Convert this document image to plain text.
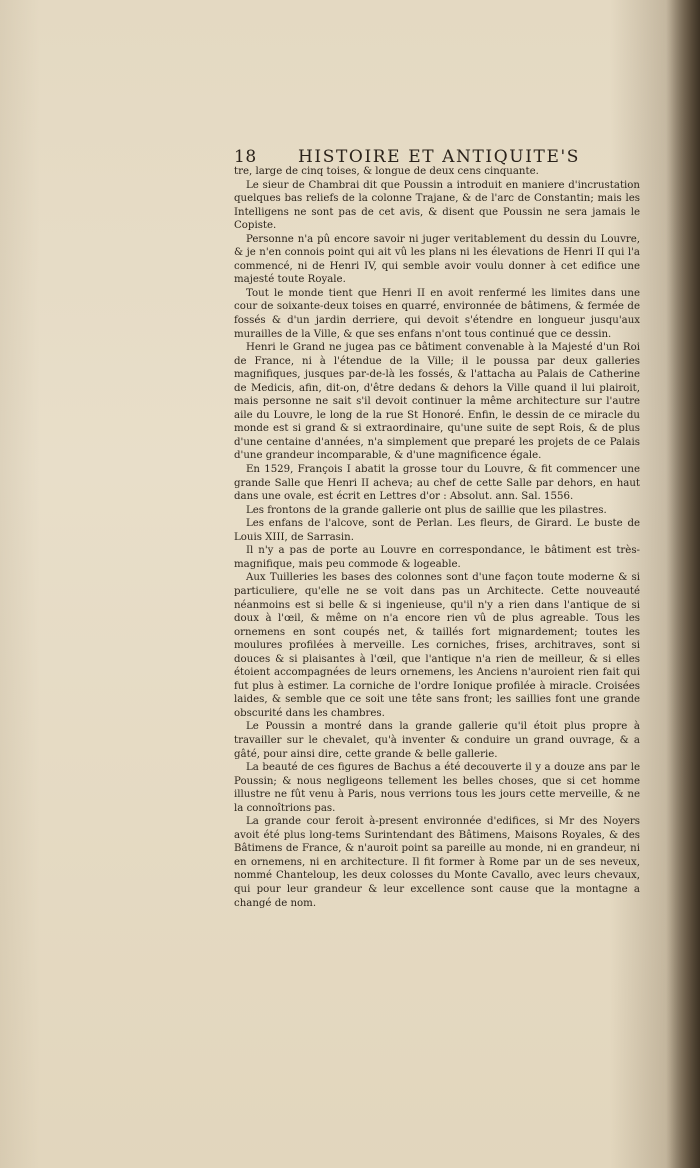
18 HISTOIRE ET ANTIQUITE'S

tre, large de cinq toises, & longue de deux cens cinquante.

Le sieur de Chambrai dit que Poussin a introduit en maniere d'incrustation quelques bas reliefs de la colonne Trajane, & de l'arc de Constantin; mais les Intelligens ne sont pas de cet avis, & disent que Poussin ne sera jamais le Copiste.

Personne n'a pû encore savoir ni juger veritablement du dessin du Louvre, & je n'en connois point qui ait vû les plans ni les élevations de Henri II qui l'a commencé, ni de Henri IV, qui semble avoir voulu donner à cet edifice une majesté toute Royale.

Tout le monde tient que Henri II en avoit renfermé les limites dans une cour de soixante-deux toises en quarré, environnée de bâtimens, & fermée de fossés & d'un jardin derriere, qui devoit s'étendre en longueur jusqu'aux murailles de la Ville, & que ses enfans n'ont tous continué que ce dessin.

Henri le Grand ne jugea pas ce bâtiment convenable à la Majesté d'un Roi de France, ni à l'étendue de la Ville; il le poussa par deux galleries magnifiques, jusques par-de-là les fossés, & l'attacha au Palais de Catherine de Medicis, afin, dit-on, d'être dedans & dehors la Ville quand il lui plairoit, mais personne ne sait s'il devoit continuer la même architecture sur l'autre aile du Louvre, le long de la rue St Honoré. Enfin, le dessin de ce miracle du monde est si grand & si extraordinaire, qu'une suite de sept Rois, & de plus d'une centaine d'années, n'a simplement que preparé les projets de ce Palais d'une grandeur incomparable, & d'une magnificence égale.

En 1529, François I abatit la grosse tour du Louvre, & fit commencer une grande Salle que Henri II acheva; au chef de cette Salle par dehors, en haut dans une ovale, est écrit en Lettres d'or : Absolut. ann. Sal. 1556.

Les frontons de la grande gallerie ont plus de saillie que les pilastres.

Les enfans de l'alcove, sont de Perlan. Les fleurs, de Girard. Le buste de Louis XIII, de Sarrasin.

Il n'y a pas de porte au Louvre en correspondance, le bâtiment est très-magnifique, mais peu commode & logeable.

Aux Tuilleries les bases des colonnes sont d'une façon toute moderne & si particuliere, qu'elle ne se voit dans pas un Architecte. Cette nouveauté néanmoins est si belle & si ingenieuse, qu'il n'y a rien dans l'antique de si doux à l'œil, & même on n'a encore rien vû de plus agreable. Tous les ornemens en sont coupés net, & taillés fort mignardement; toutes les moulures profilées à merveille. Les corniches, frises, architraves, sont si douces & si plaisantes à l'œil, que l'antique n'a rien de meilleur, & si elles étoient accompagnées de leurs ornemens, les Anciens n'auroient rien fait qui fut plus à estimer. La corniche de l'ordre Ionique profilée à miracle. Croisées laides, & semble que ce soit une tête sans front; les saillies font une grande obscurité dans les chambres.

Le Poussin a montré dans la grande gallerie qu'il étoit plus propre à travailler sur le chevalet, qu'à inventer & conduire un grand ouvrage, & a gâté, pour ainsi dire, cette grande & belle gallerie.

La beauté de ces figures de Bachus a été decouverte il y a douze ans par le Poussin; & nous negligeons tellement les belles choses, que si cet homme illustre ne fût venu à Paris, nous verrions tous les jours cette merveille, & ne la connoîtrions pas.

La grande cour feroit à-present environnée d'edifices, si Mr des Noyers avoit été plus long-tems Surintendant des Bâtimens, Maisons Royales, & des Bâtimens de France, & n'auroit point sa pareille au monde, ni en grandeur, ni en ornemens, ni en architecture. Il fit former à Rome par un de ses neveux, nommé Chanteloup, les deux colosses du Monte Cavallo, avec leurs chevaux, qui pour leur grandeur & leur excellence sont cause que la montagne a changé de nom.
